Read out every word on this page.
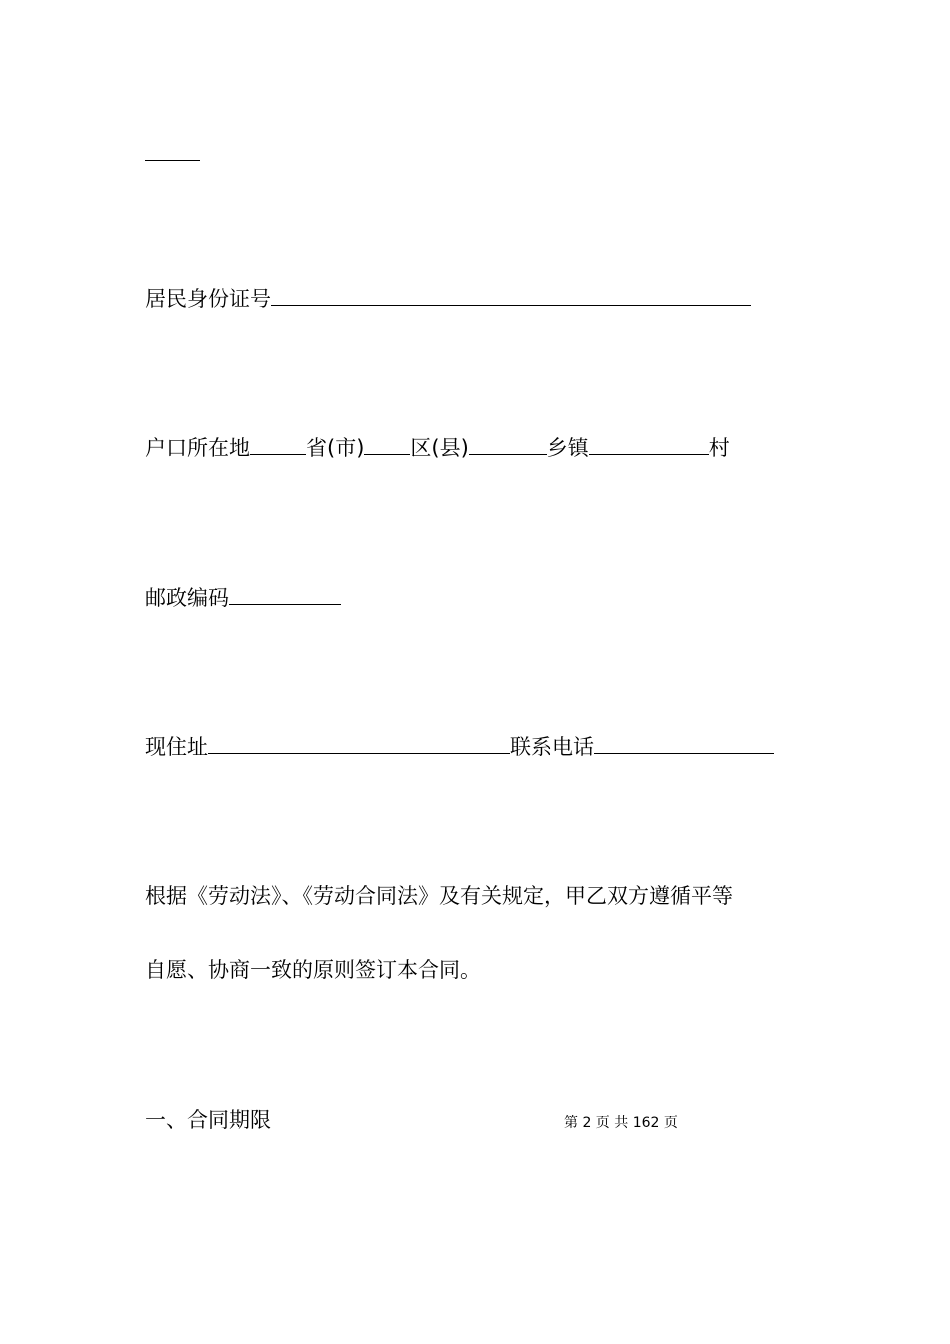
居民身份证号
户口所在地	省(市) 区(县)	乡镇	村
邮政编码
现住址	联系电话
根据《劳动法》、《劳动合同法》及有关规定，甲乙双方遵循平等
自愿、协商一致的原则签订本合同。
一、合同期限	第 2 页 共 162 页
